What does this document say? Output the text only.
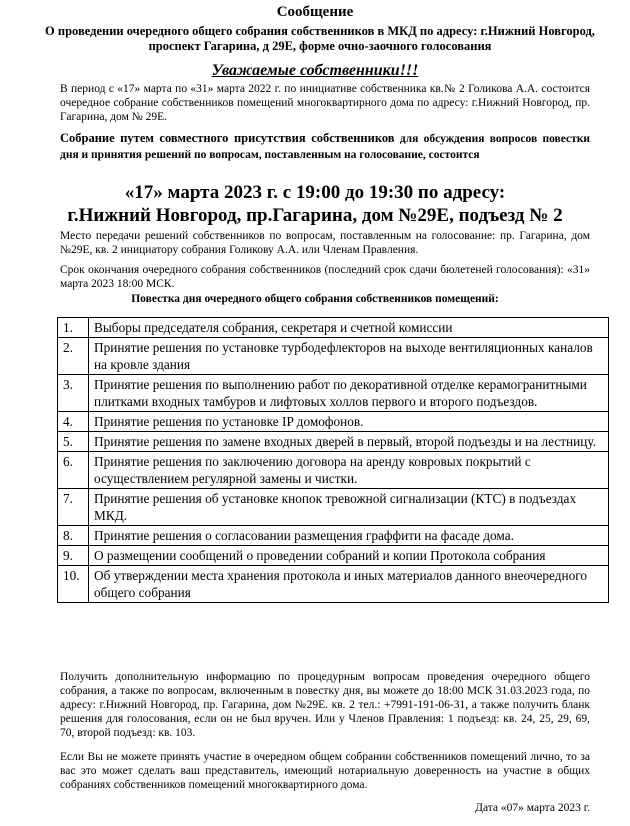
Сообщение
О проведении очередного общего собрания собственников в МКД по адресу: г.Нижний Новгород, проспект Гагарина, д 29Е, форме очно-заочного голосования
Уважаемые собственники!!!
В период с «17» марта по «31» марта 2022 г. по инициативе собственника кв.№ 2 Голикова А.А. состоится очередное собрание собственников помещений многоквартирного дома по адресу: г.Нижний Новгород, пр. Гагарина, дом № 29Е.
Собрание путем совместного присутствия собственников для обсуждения вопросов повестки дня и принятия решений по вопросам, поставленным на голосование, состоится
«17» марта 2023 г. с 19:00 до 19:30 по адресу:
г.Нижний Новгород, пр.Гагарина, дом №29Е, подъезд № 2
Место передачи решений собственников по вопросам, поставленным на голосование: пр. Гагарина, дом №29Е, кв. 2 инициатору собрания Голикову А.А. или Членам Правления.
Срок окончания очередного собрания собственников (последний срок сдачи бюлетеней голосования): «31» марта 2023 18:00 МСК.
Повестка дня очередного общего собрания собственников помещений:
1.	Выборы председателя собрания, секретаря и счетной комиссии
2.	Принятие решения по установке турбодефлекторов на выходе вентиляционных каналов на кровле здания
3.	Принятие решения по выполнению работ по декоративной отделке керамогранитными плитками входных тамбуров и лифтовых холлов первого и второго подъездов.
4.	Принятие решения по установке IP домофонов.
5.	Принятие решения по замене входных дверей в первый, второй подъезды и на лестницу.
6.	Принятие решения по заключению договора на аренду ковровых покрытий с осуществлением регулярной замены и чистки.
7.	Принятие решения об установке кнопок тревожной сигнализации (КТС) в подъездах МКД.
8.	Принятие решения о согласовании размещения граффити на фасаде дома.
9.	О размещении сообщений о проведении собраний и копии Протокола собрания
10.	Об утверждении места хранения протокола и иных материалов данного внеочередного общего собрания
Получить дополнительную информацию по процедурным вопросам проведения очередного общего собрания, а также по вопросам, включенным в повестку дня, вы можете до 18:00 МСК 31.03.2023 года, по адресу: г.Нижний Новгород, пр. Гагарина, дом №29Е. кв. 2 тел.: +7991-191-06-31, а также получить бланк решения для голосования, если он не был вручен. Или у Членов Правления: 1 подъезд: кв. 24, 25, 29, 69, 70, второй подъезд: кв. 103.
Если Вы не можете принять участие в очередном общем собрании собственников помещений лично, то за вас это может сделать ваш представитель, имеющий нотариальную доверенность на участие в общих собраниях собственников помещений многоквартирного дома.
Дата «07» марта 2023 г.
